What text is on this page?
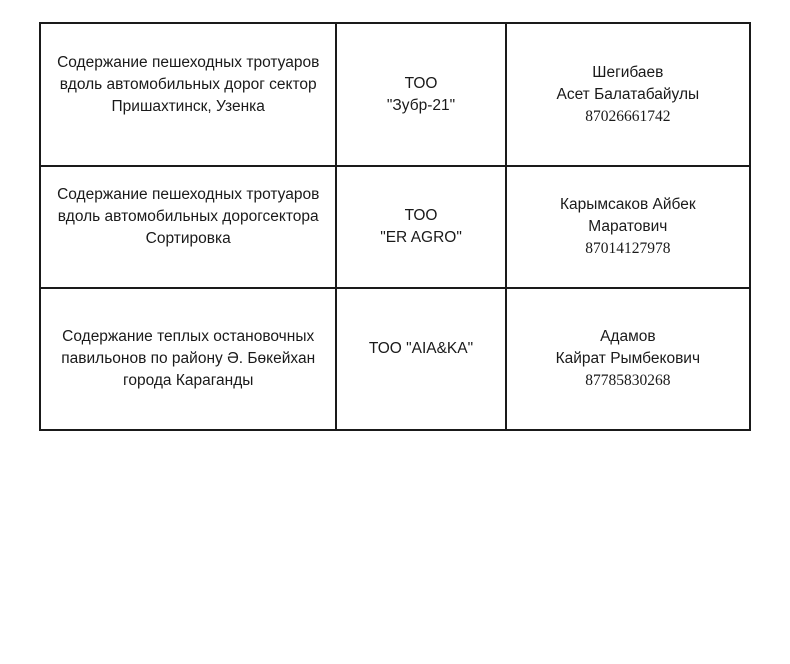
Содержание пешеходных тротуаров вдоль автомобильных дорог сектор Пришахтинск, Узенка	ТОО
"Зубр-21"	Шегибаев
Асет Балатабайулы
87026661742

Содержание пешеходных тротуаров вдоль автомобильных дорогсектора Сортировка	ТОО
"ER AGRO"	Карымсаков Айбек
Маратович
87014127978

Содержание теплых остановочных павильонов по району Ә. Бөкейхан города Караганды	ТОО "AIA&KA"	Адамов
Кайрат Рымбекович
87785830268
